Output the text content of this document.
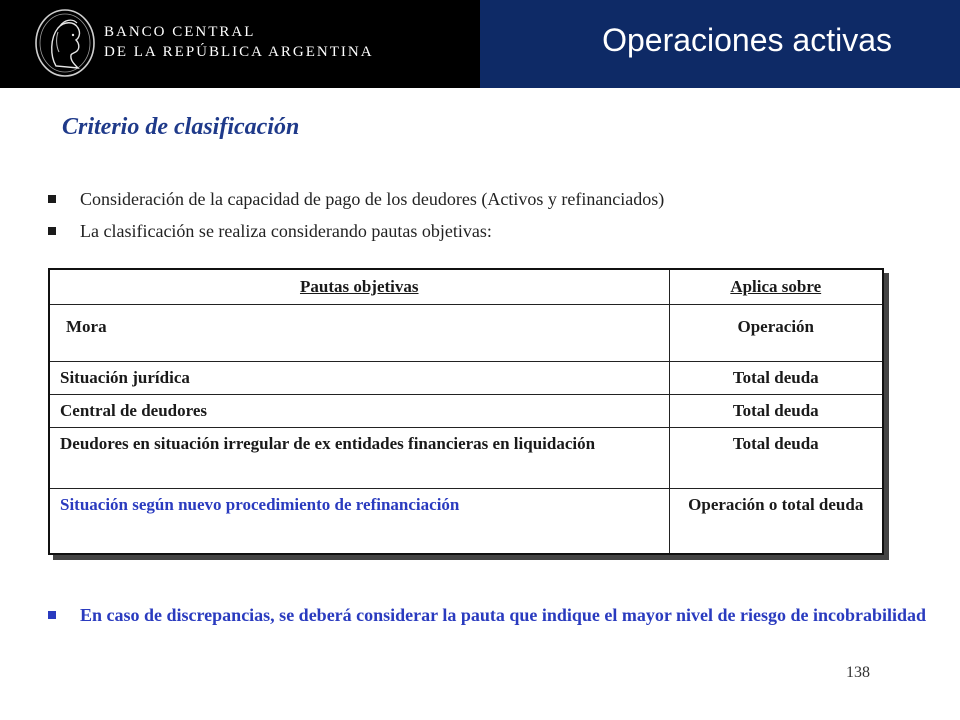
BANCO CENTRAL
DE LA REPÚBLICA ARGENTINA	Operaciones activas
Criterio de clasificación
Consideración de la capacidad de pago de los deudores (Activos y refinanciados)
La clasificación se realiza considerando pautas objetivas:
Pautas objetivas	Aplica sobre
Mora	Operación
Situación jurídica	Total deuda
Central de deudores	Total deuda
Deudores en situación irregular de ex entidades financieras en liquidación	Total deuda
Situación según nuevo procedimiento de refinanciación	Operación o total deuda
En caso de discrepancias, se deberá considerar la pauta que indique el mayor nivel de riesgo de incobrabilidad
138
